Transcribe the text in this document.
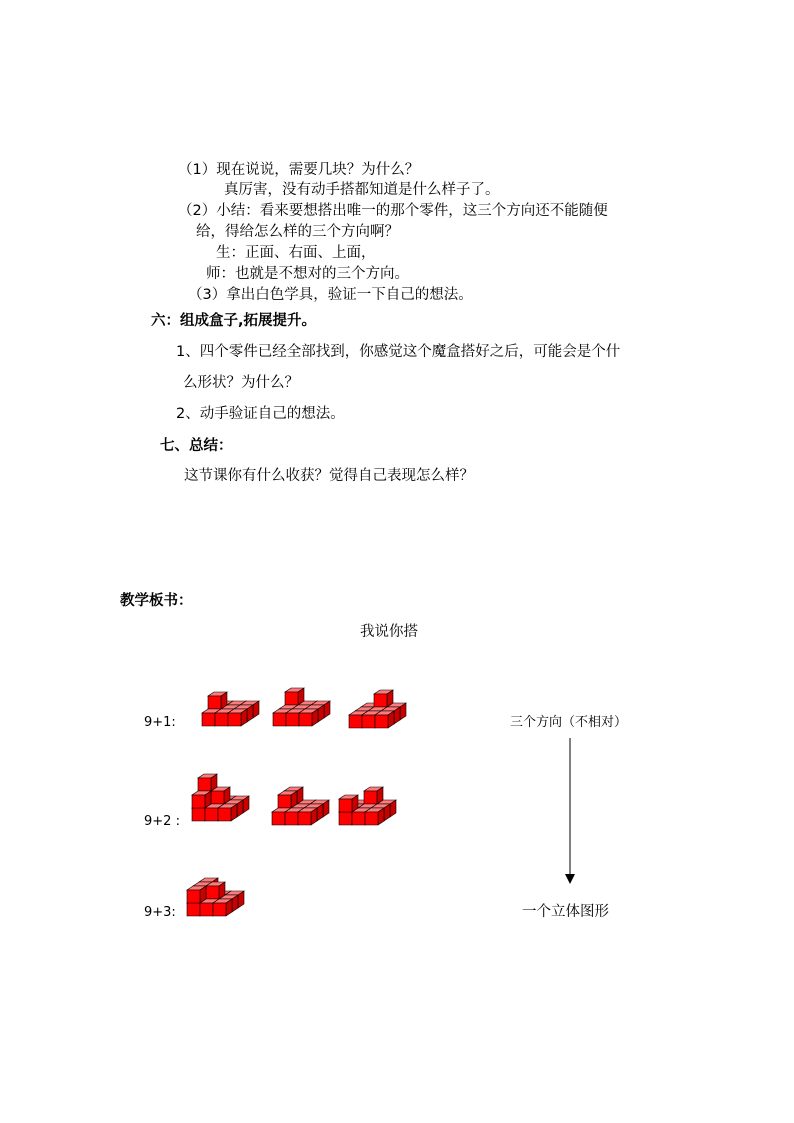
（1）现在说说，需要几块？为什么？
真厉害，没有动手搭都知道是什么样子了。
（2）小结：看来要想搭出唯一的那个零件，这三个方向还不能随便
给，得给怎么样的三个方向啊？
生：正面、右面、上面，
师：也就是不想对的三个方向。
（3）拿出白色学具，验证一下自己的想法。
六：组成盒子,拓展提升。
1、四个零件已经全部找到，你感觉这个魔盒搭好之后，可能会是个什
么形状？为什么？
2、动手验证自己的想法。
七、总结：
这节课你有什么收获？觉得自己表现怎么样？
教学板书：
我说你搭
9+1:
9+2 :
9+3:
三个方向（不相对）
一个立体图形
